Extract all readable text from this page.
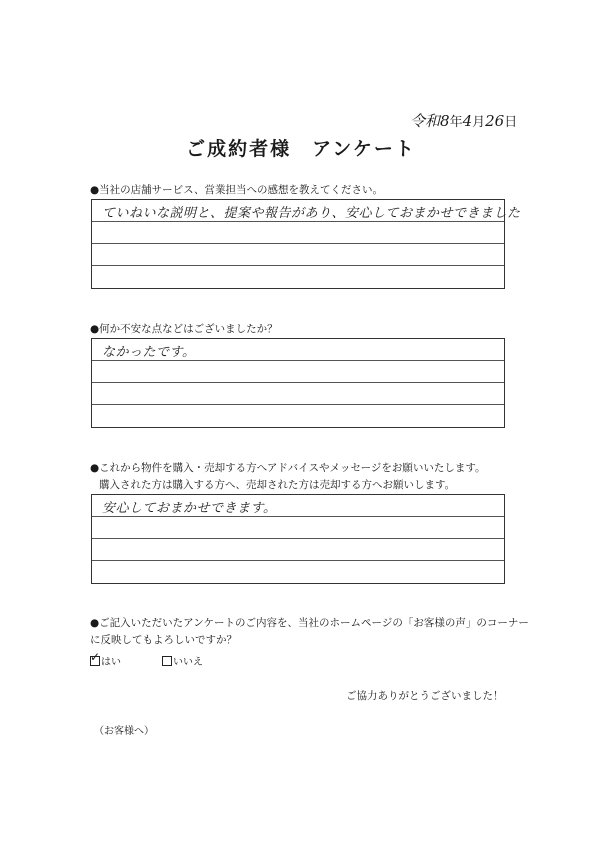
令和8年4月26日
ご成約者様　アンケート
●当社の店舗サービス、営業担当への感想を教えてください。
ていねいな説明と、提案や報告があり、安心しておまかせできました
●何か不安な点などはございましたか？
なかったです。
●これから物件を購入・売却する方へアドバイスやメッセージをお願いいたします。
購入された方は購入する方へ、売却された方は売却する方へお願いします。
安心しておまかせできます。
●ご記入いただいたアンケートのご内容を、当社のホームページの「お客様の声」のコーナー
に反映してもよろしいですか？
✓ はい	いいえ
ご協力ありがとうございました！
（お客様へ）
